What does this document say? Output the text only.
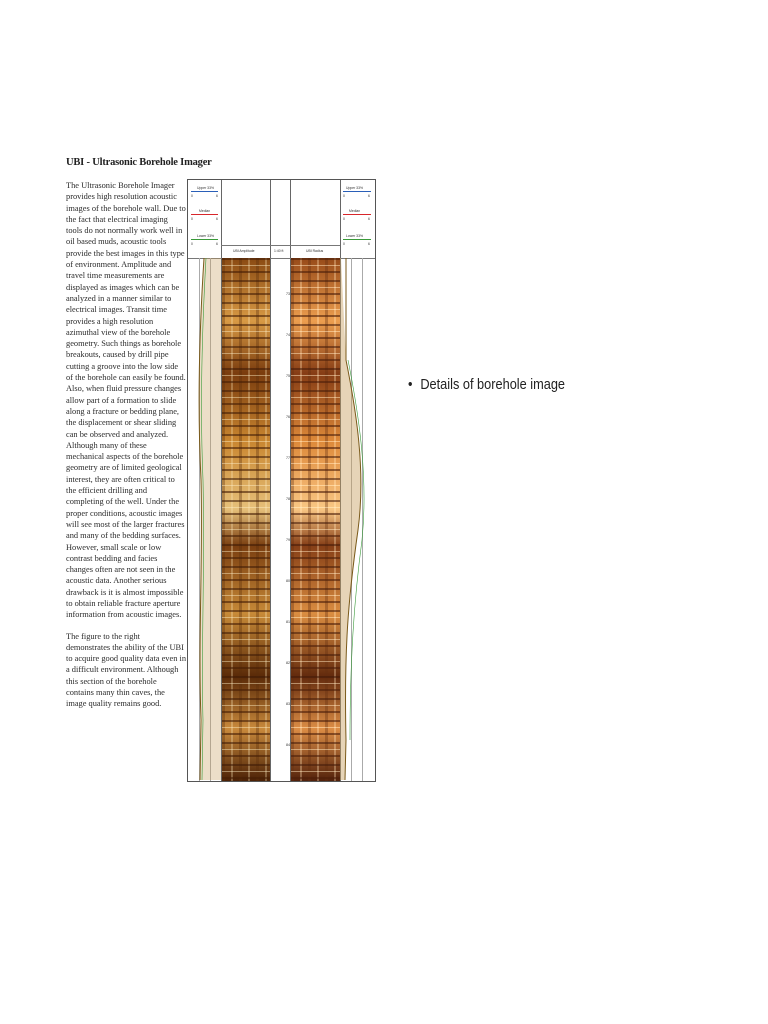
UBI - Ultrasonic Borehole Imager

The Ultrasonic Borehole Imager provides high resolution acoustic images of the borehole wall. Due to the fact that electrical imaging tools do not normally work well in oil based muds, acoustic tools provide the best images in this type of environment. Amplitude and travel time measurements are displayed as images which can be analyzed in a manner similar to electrical images. Transit time provides a high resolution azimuthal view of the borehole geometry. Such things as borehole breakouts, caused by drill pipe cutting a groove into the low side of the borehole can easily be found. Also, when fluid pressure changes allow part of a formation to slide along a fracture or bedding plane, the displacement or shear sliding can be observed and analyzed. Although many of these mechanical aspects of the borehole geometry are of limited geological interest, they are often critical to the efficient drilling and completing of the well. Under the proper conditions, acoustic images will see most of the larger fractures and many of the bedding surfaces. However, small scale or low contrast bedding and facies changes often are not seen in the acoustic data. Another serious drawback is it is almost impossible to obtain reliable fracture aperture information from acoustic images.

The figure to the right demonstrates the ability of the UBI to acquire good quality data even in a difficult environment. Although this section of the borehole contains many thin caves, the image quality remains good.

Upper 33%
0	6
Median
0	6
Lower 33%
0	6
Upper 33%
0	6
Median
0	6
Lower 33%
0	6
UBI Amplitude	1:40 ft	UBI Radius
73
74
75
76
77
78
79
80
81
82
83
84
• Details of borehole image
